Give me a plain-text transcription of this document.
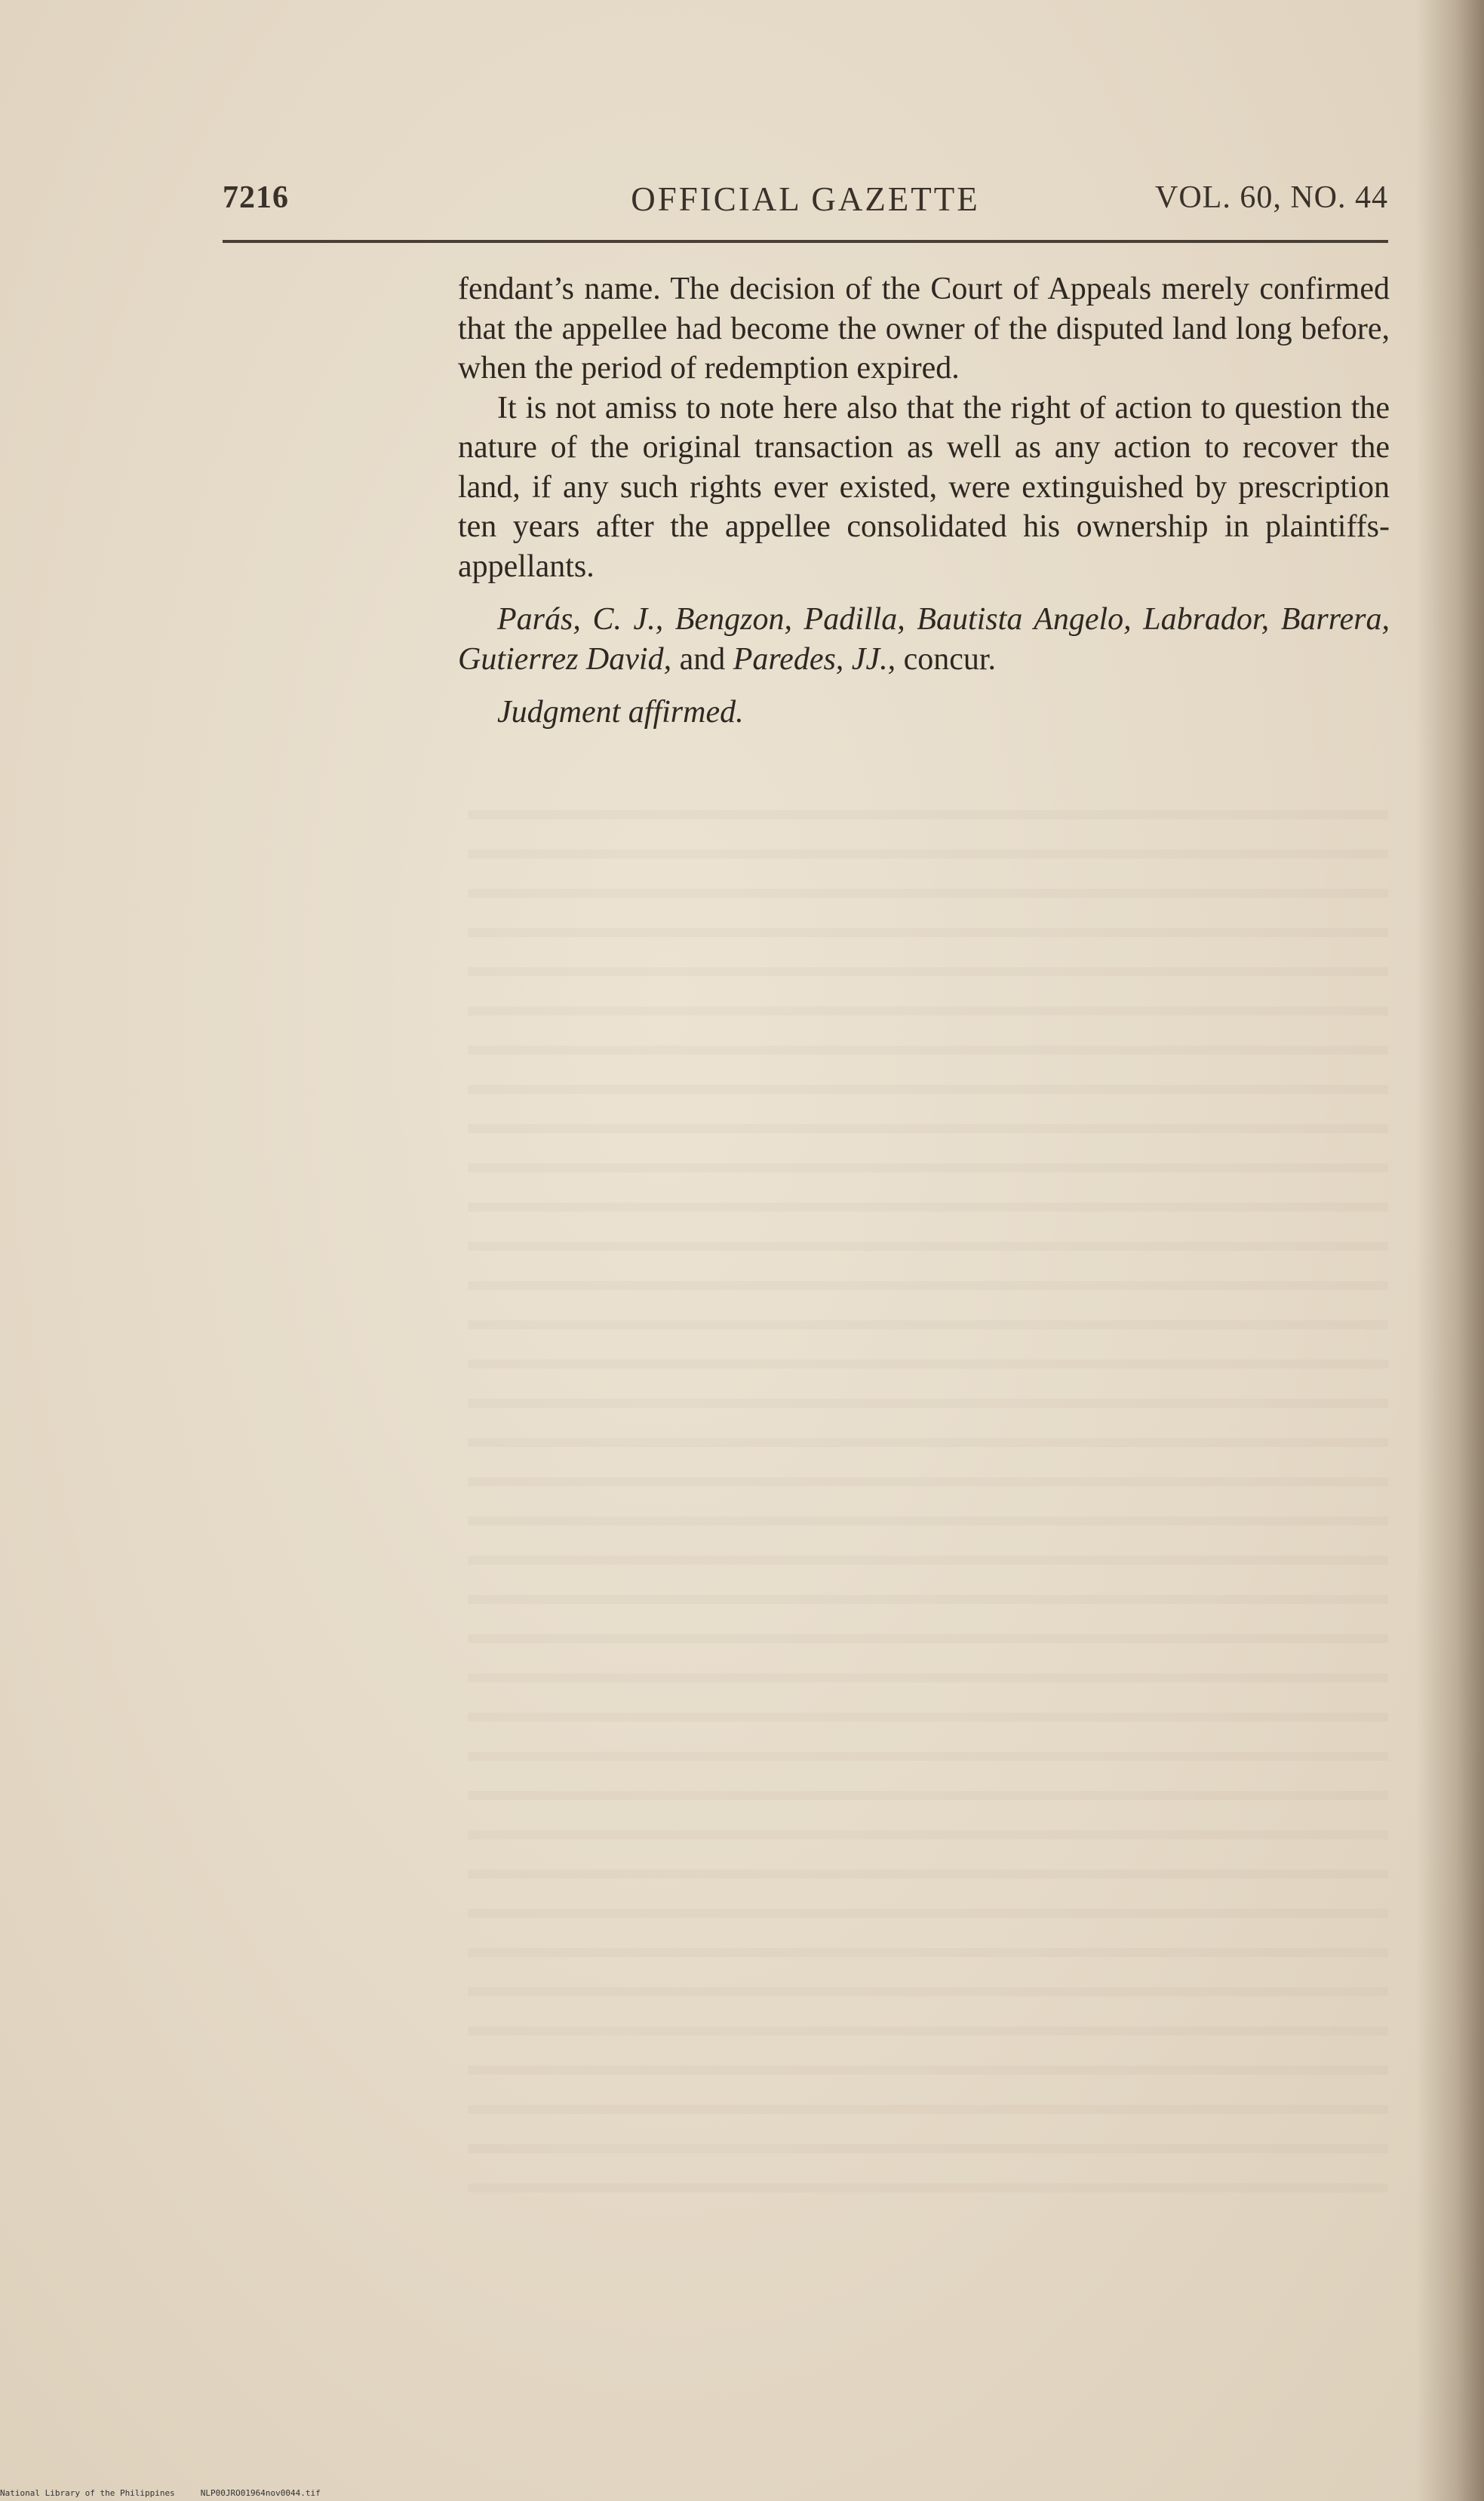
7216	OFFICIAL GAZETTE	VOL. 60, NO. 44

fendant’s name. The decision of the Court of Appeals merely confirmed that the appellee had become the owner of the disputed land long before, when the period of redemption expired.

It is not amiss to note here also that the right of action to question the nature of the original transaction as well as any action to recover the land, if any such rights ever existed, were extinguished by prescription ten years after the appellee consolidated his ownership in plaintiffs-appellants.

Parás, C. J., Bengzon, Padilla, Bautista Angelo, Labrador, Barrera, Gutierrez David, and Paredes, JJ., concur.

Judgment affirmed.

National Library of the Philippines	NLP00JRO01964nov0044.tif
